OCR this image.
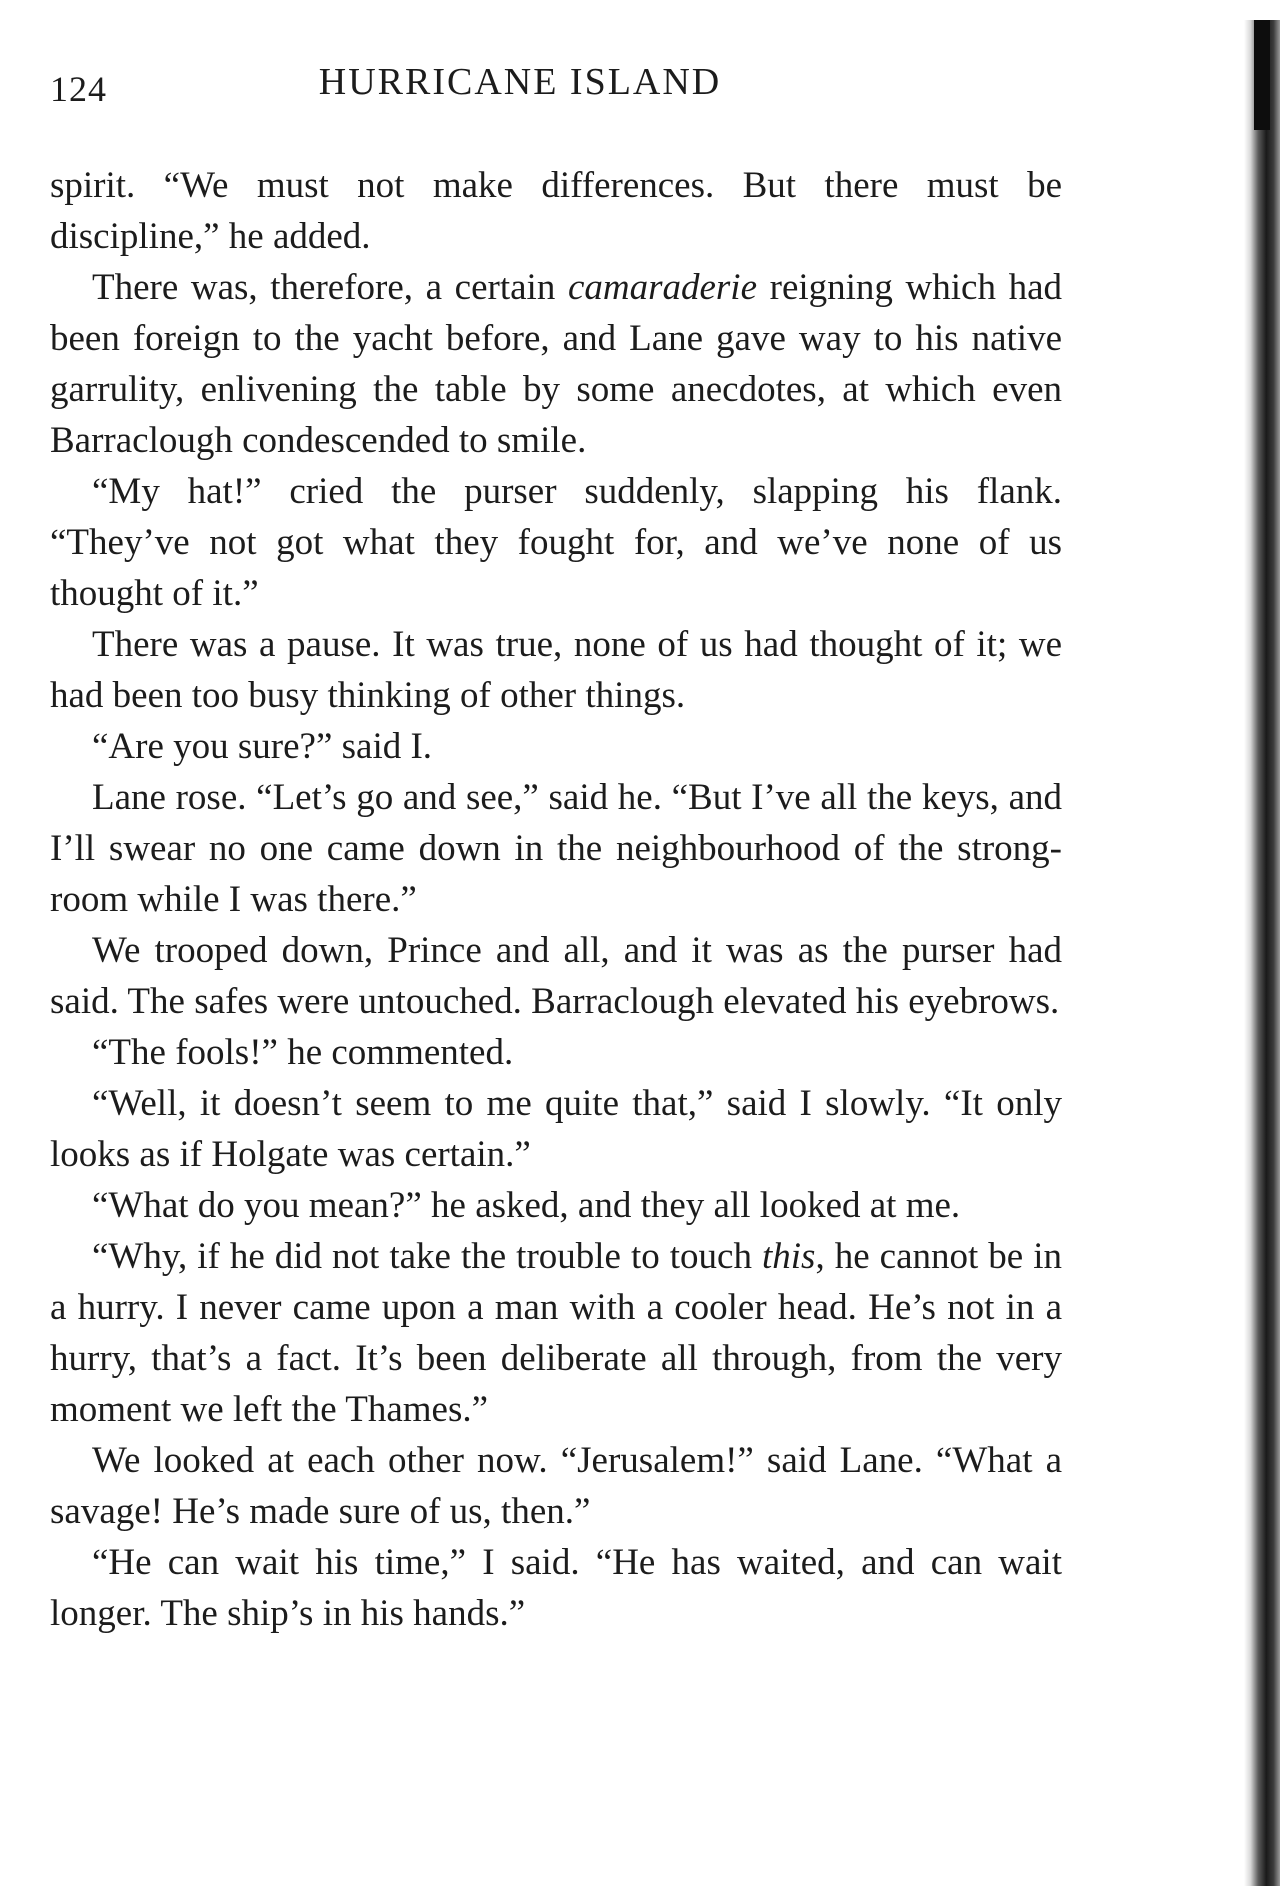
124	HURRICANE ISLAND

spirit. “We must not make differences. But there must be discipline,” he added.

There was, therefore, a certain camaraderie reigning which had been foreign to the yacht before, and Lane gave way to his native garrulity, enlivening the table by some anecdotes, at which even Barraclough condescended to smile.

“My hat!” cried the purser suddenly, slapping his flank. “They’ve not got what they fought for, and we’ve none of us thought of it.”

There was a pause. It was true, none of us had thought of it; we had been too busy thinking of other things.

“Are you sure?” said I.

Lane rose. “Let’s go and see,” said he. “But I’ve all the keys, and I’ll swear no one came down in the neighbourhood of the strong-room while I was there.”

We trooped down, Prince and all, and it was as the purser had said. The safes were untouched. Barraclough elevated his eyebrows.

“The fools!” he commented.

“Well, it doesn’t seem to me quite that,” said I slowly. “It only looks as if Holgate was certain.”

“What do you mean?” he asked, and they all looked at me.

“Why, if he did not take the trouble to touch this, he cannot be in a hurry. I never came upon a man with a cooler head. He’s not in a hurry, that’s a fact. It’s been deliberate all through, from the very moment we left the Thames.”

We looked at each other now. “Jerusalem!” said Lane. “What a savage! He’s made sure of us, then.”

“He can wait his time,” I said. “He has waited, and can wait longer. The ship’s in his hands.”
